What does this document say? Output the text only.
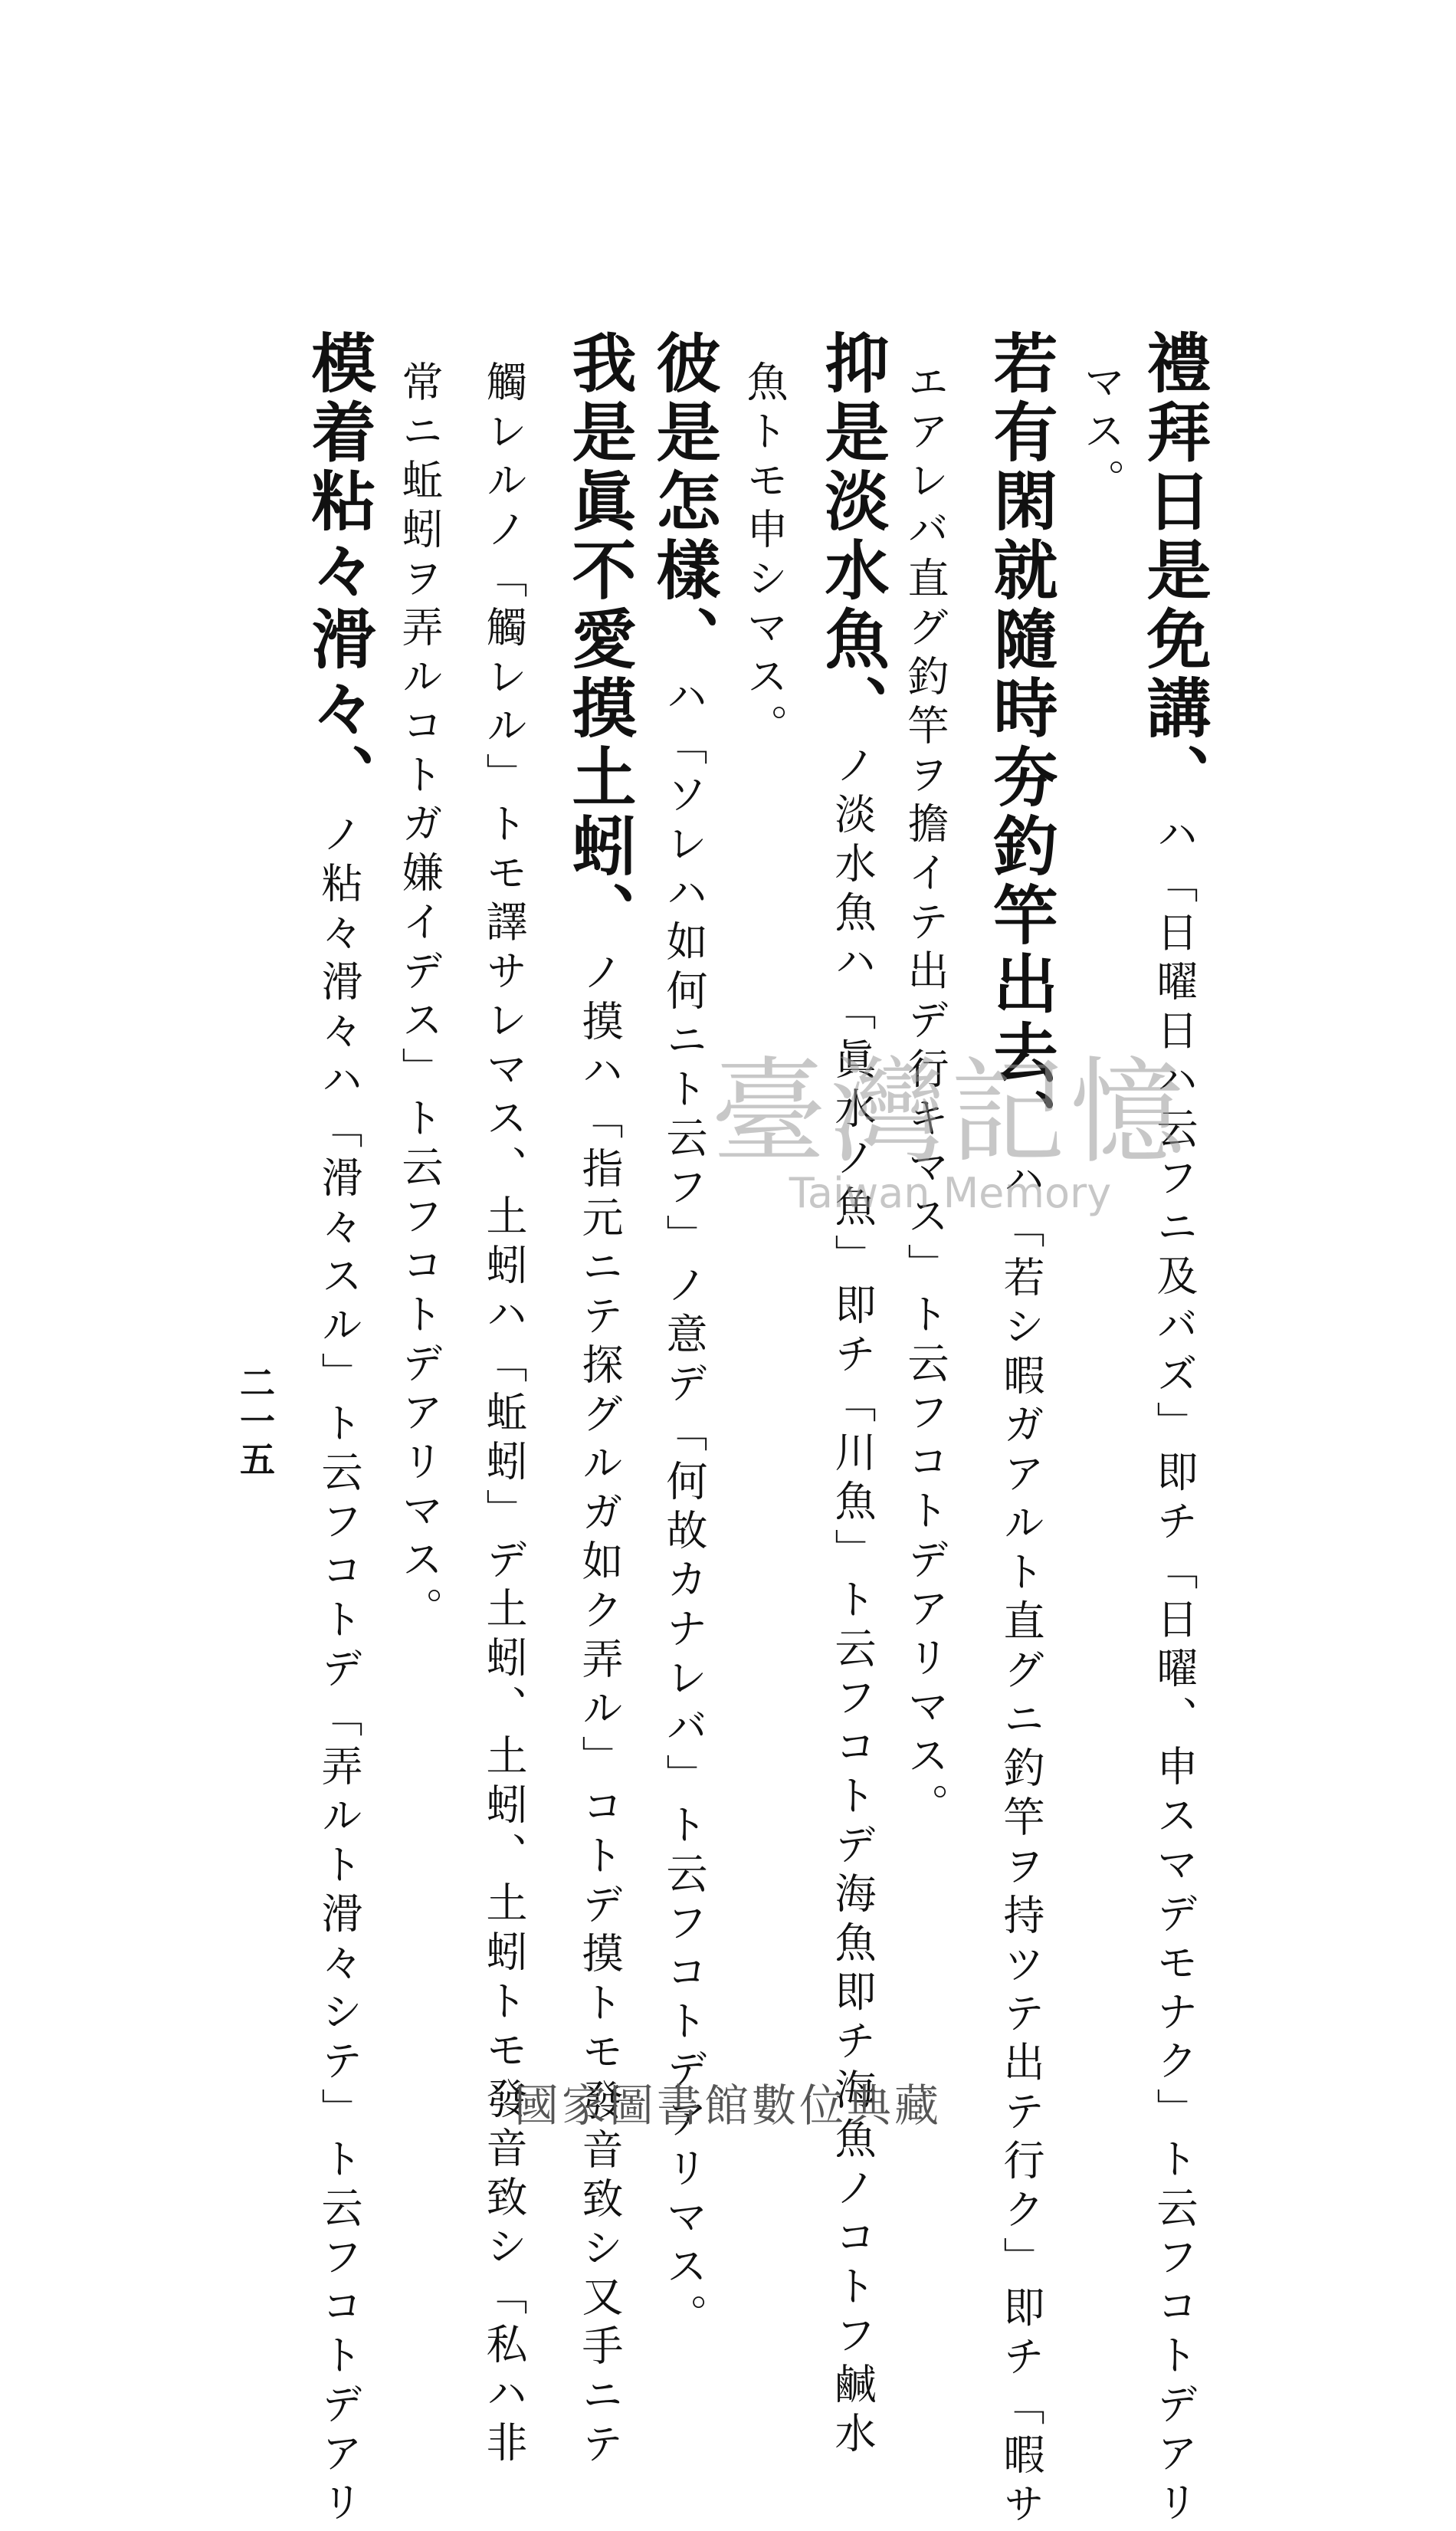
禮拜日是免講、ハ「日曜日ハ云フニ及バズ」即チ「日曜、申スマデモナク」ト云フコトデアリ
マス。
若有閑就隨時夯釣竿出去、ハ「若シ暇ガアルト直グニ釣竿ヲ持ツテ出テ行ク」即チ「暇サ
エアレバ直グ釣竿ヲ擔イテ出デ行キマス」ト云フコトデアリマス。
抑是淡水魚、ノ淡水魚ハ「眞水ノ魚」即チ「川魚」ト云フコトデ海魚即チ海魚ノコトフ鹹水
魚トモ申シマス。
彼是怎樣、ハ「ソレハ如何ニト云フ」ノ意デ「何故カナレバ」ト云フコトデアリマス。
我是眞不愛摸土蚓、ノ摸ハ「指元ニテ探グルガ如ク弄ル」コトデ摸トモ發音致シ又手ニテ
觸レルノ「觸レル」トモ譯サレマス、土蚓ハ「蚯蚓」デ土蚓、土蚓、土蚓トモ發音致シ「私ハ非
常ニ蚯蚓ヲ弄ルコトガ嫌イデス」ト云フコトデアリマス。
模着粘々滑々、ノ粘々滑々ハ「滑々スル」ト云フコトデ「弄ルト滑々シテ」ト云フコトデアリ
二一五
臺灣記憶
Taiwan Memory
國家圖書館數位典藏
